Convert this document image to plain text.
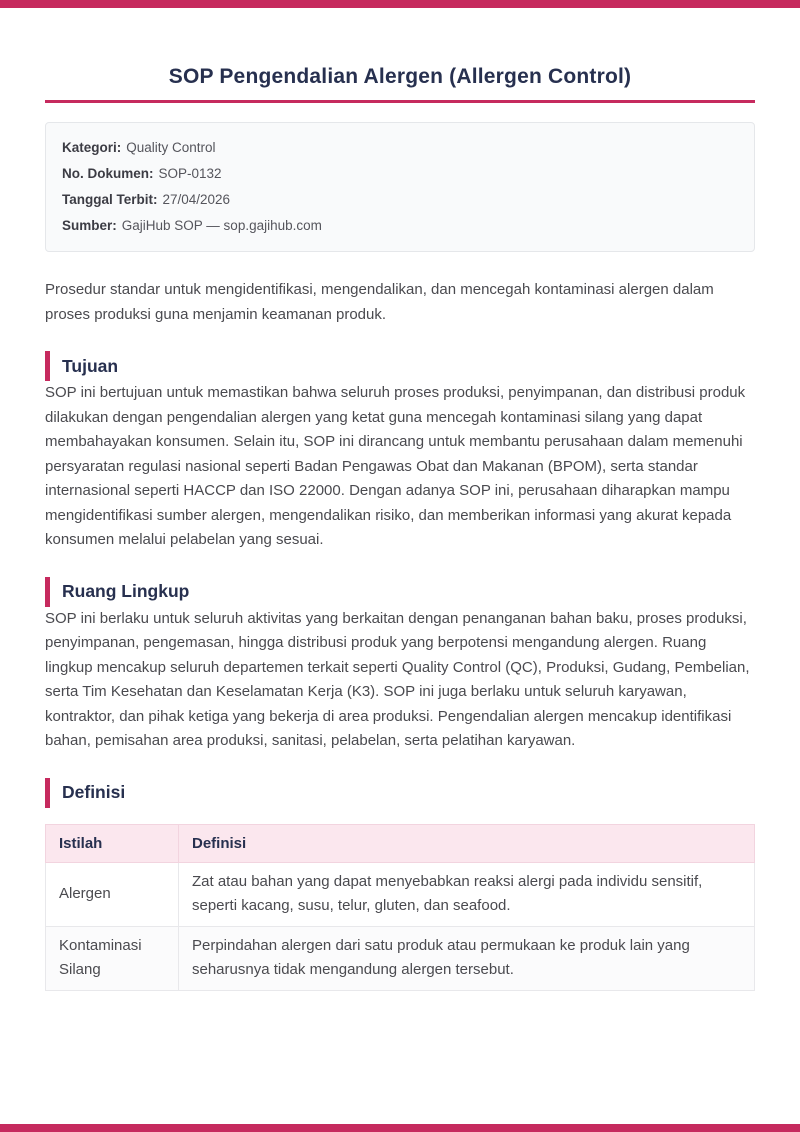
SOP Pengendalian Alergen (Allergen Control)
Kategori: Quality Control
No. Dokumen: SOP-0132
Tanggal Terbit: 27/04/2026
Sumber: GajiHub SOP — sop.gajihub.com

Prosedur standar untuk mengidentifikasi, mengendalikan, dan mencegah kontaminasi alergen dalam proses produksi guna menjamin keamanan produk.

Tujuan

SOP ini bertujuan untuk memastikan bahwa seluruh proses produksi, penyimpanan, dan distribusi produk dilakukan dengan pengendalian alergen yang ketat guna mencegah kontaminasi silang yang dapat membahayakan konsumen. Selain itu, SOP ini dirancang untuk membantu perusahaan dalam memenuhi persyaratan regulasi nasional seperti Badan Pengawas Obat dan Makanan (BPOM), serta standar internasional seperti HACCP dan ISO 22000. Dengan adanya SOP ini, perusahaan diharapkan mampu mengidentifikasi sumber alergen, mengendalikan risiko, dan memberikan informasi yang akurat kepada konsumen melalui pelabelan yang sesuai.

Ruang Lingkup

SOP ini berlaku untuk seluruh aktivitas yang berkaitan dengan penanganan bahan baku, proses produksi, penyimpanan, pengemasan, hingga distribusi produk yang berpotensi mengandung alergen. Ruang lingkup mencakup seluruh departemen terkait seperti Quality Control (QC), Produksi, Gudang, Pembelian, serta Tim Kesehatan dan Keselamatan Kerja (K3). SOP ini juga berlaku untuk seluruh karyawan, kontraktor, dan pihak ketiga yang bekerja di area produksi. Pengendalian alergen mencakup identifikasi bahan, pemisahan area produksi, sanitasi, pelabelan, serta pelatihan karyawan.

Definisi
Istilah	Definisi
Alergen	Zat atau bahan yang dapat menyebabkan reaksi alergi pada individu sensitif, seperti kacang, susu, telur, gluten, dan seafood.
Kontaminasi Silang	Perpindahan alergen dari satu produk atau permukaan ke produk lain yang seharusnya tidak mengandung alergen tersebut.
